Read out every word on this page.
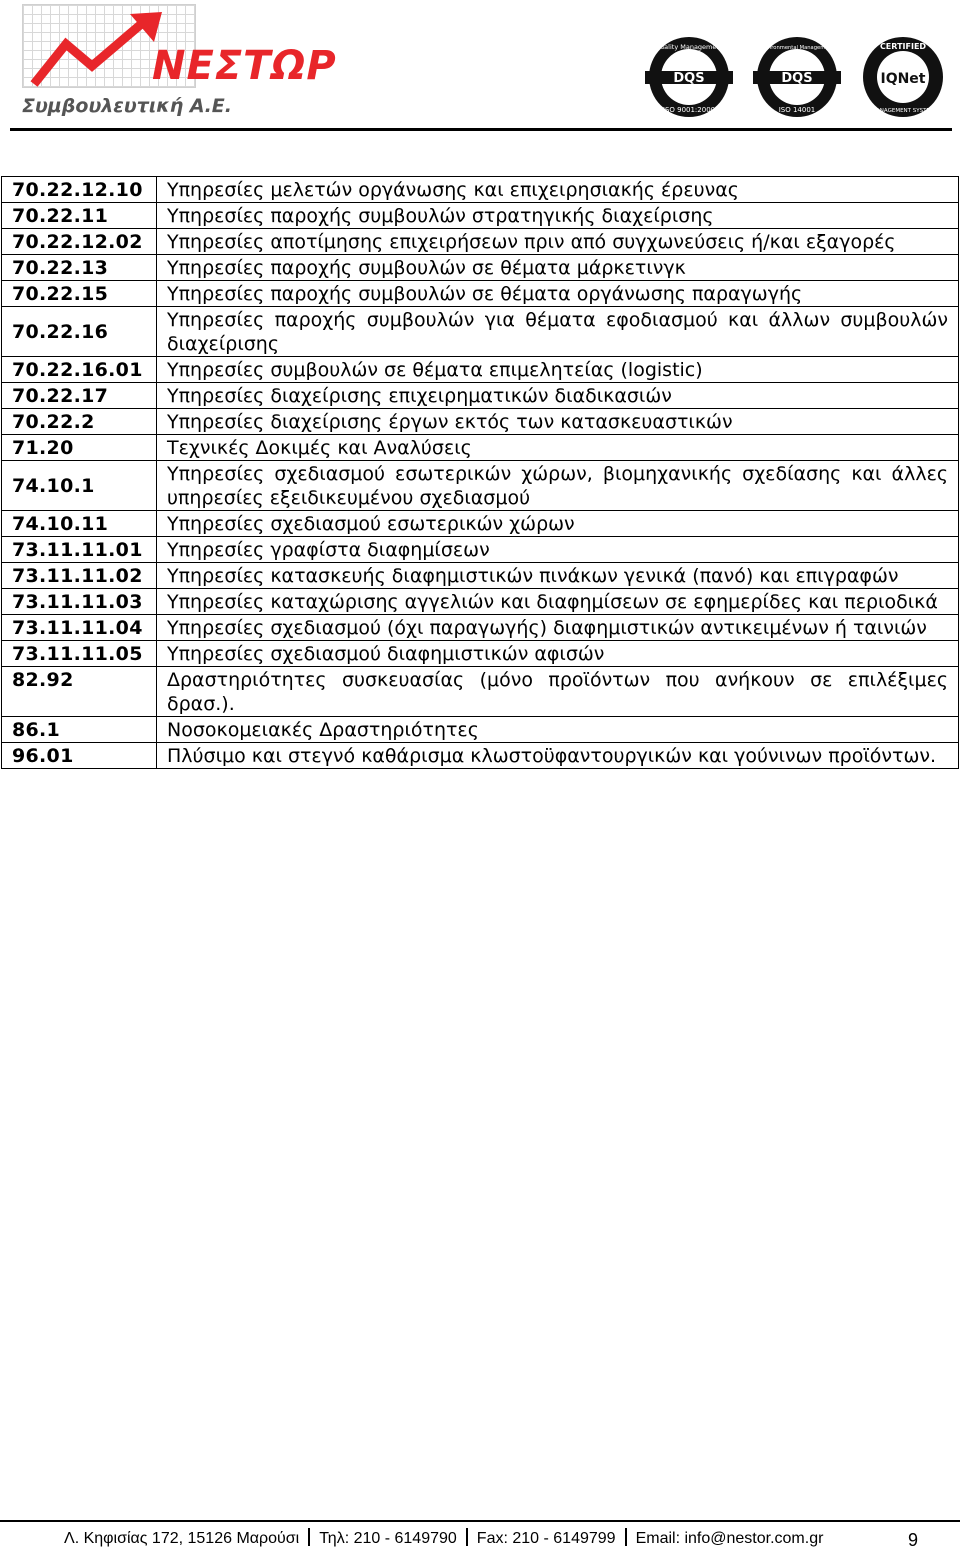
ΝΕΣΤΩΡ
Συμβουλευτική Α.Ε.
DQS
Quality Management
ISO 9001:2000
DQS
Environmental Management
ISO 14001
IQNet
CERTIFIED
MANAGEMENT SYSTEM
70.22.12.10	Υπηρεσίες μελετών οργάνωσης και επιχειρησιακής έρευνας
70.22.11	Υπηρεσίες παροχής συμβουλών στρατηγικής διαχείρισης
70.22.12.02	Υπηρεσίες αποτίμησης επιχειρήσεων πριν από συγχωνεύσεις ή/και εξαγορές
70.22.13	Υπηρεσίες παροχής συμβουλών σε θέματα μάρκετινγκ
70.22.15	Υπηρεσίες παροχής συμβουλών σε θέματα οργάνωσης παραγωγής
70.22.16	Υπηρεσίες παροχής συμβουλών για θέματα εφοδιασμού και άλλων συμβουλών διαχείρισης
70.22.16.01	Υπηρεσίες συμβουλών σε θέματα επιμελητείας (logistic)
70.22.17	Υπηρεσίες διαχείρισης επιχειρηματικών διαδικασιών
70.22.2	Υπηρεσίες διαχείρισης έργων εκτός των κατασκευαστικών
71.20	Τεχνικές Δοκιμές και Αναλύσεις
74.10.1	Υπηρεσίες σχεδιασμού εσωτερικών χώρων, βιομηχανικής σχεδίασης και άλλες υπηρεσίες εξειδικευμένου σχεδιασμού
74.10.11	Υπηρεσίες σχεδιασμού εσωτερικών χώρων
73.11.11.01	Υπηρεσίες γραφίστα διαφημίσεων
73.11.11.02	Υπηρεσίες κατασκευής διαφημιστικών πινάκων γενικά (πανό) και επιγραφών
73.11.11.03	Υπηρεσίες καταχώρισης αγγελιών και διαφημίσεων σε εφημερίδες και περιοδικά
73.11.11.04	Υπηρεσίες σχεδιασμού (όχι παραγωγής) διαφημιστικών αντικειμένων ή ταινιών
73.11.11.05	Υπηρεσίες σχεδιασμού διαφημιστικών αφισών
82.92	Δραστηριότητες συσκευασίας (μόνο προϊόντων που ανήκουν σε επιλέξιμες δρασ.).
86.1	Νοσοκομειακές Δραστηριότητες
96.01	Πλύσιμο και στεγνό καθάρισμα κλωστοϋφαντουργικών και γούνινων προϊόντων.
Λ. Κηφισίας 172, 15126 Μαρούσι Τηλ: 210 - 6149790 Fax: 210 - 6149799 Email: info@nestor.com.gr	9
